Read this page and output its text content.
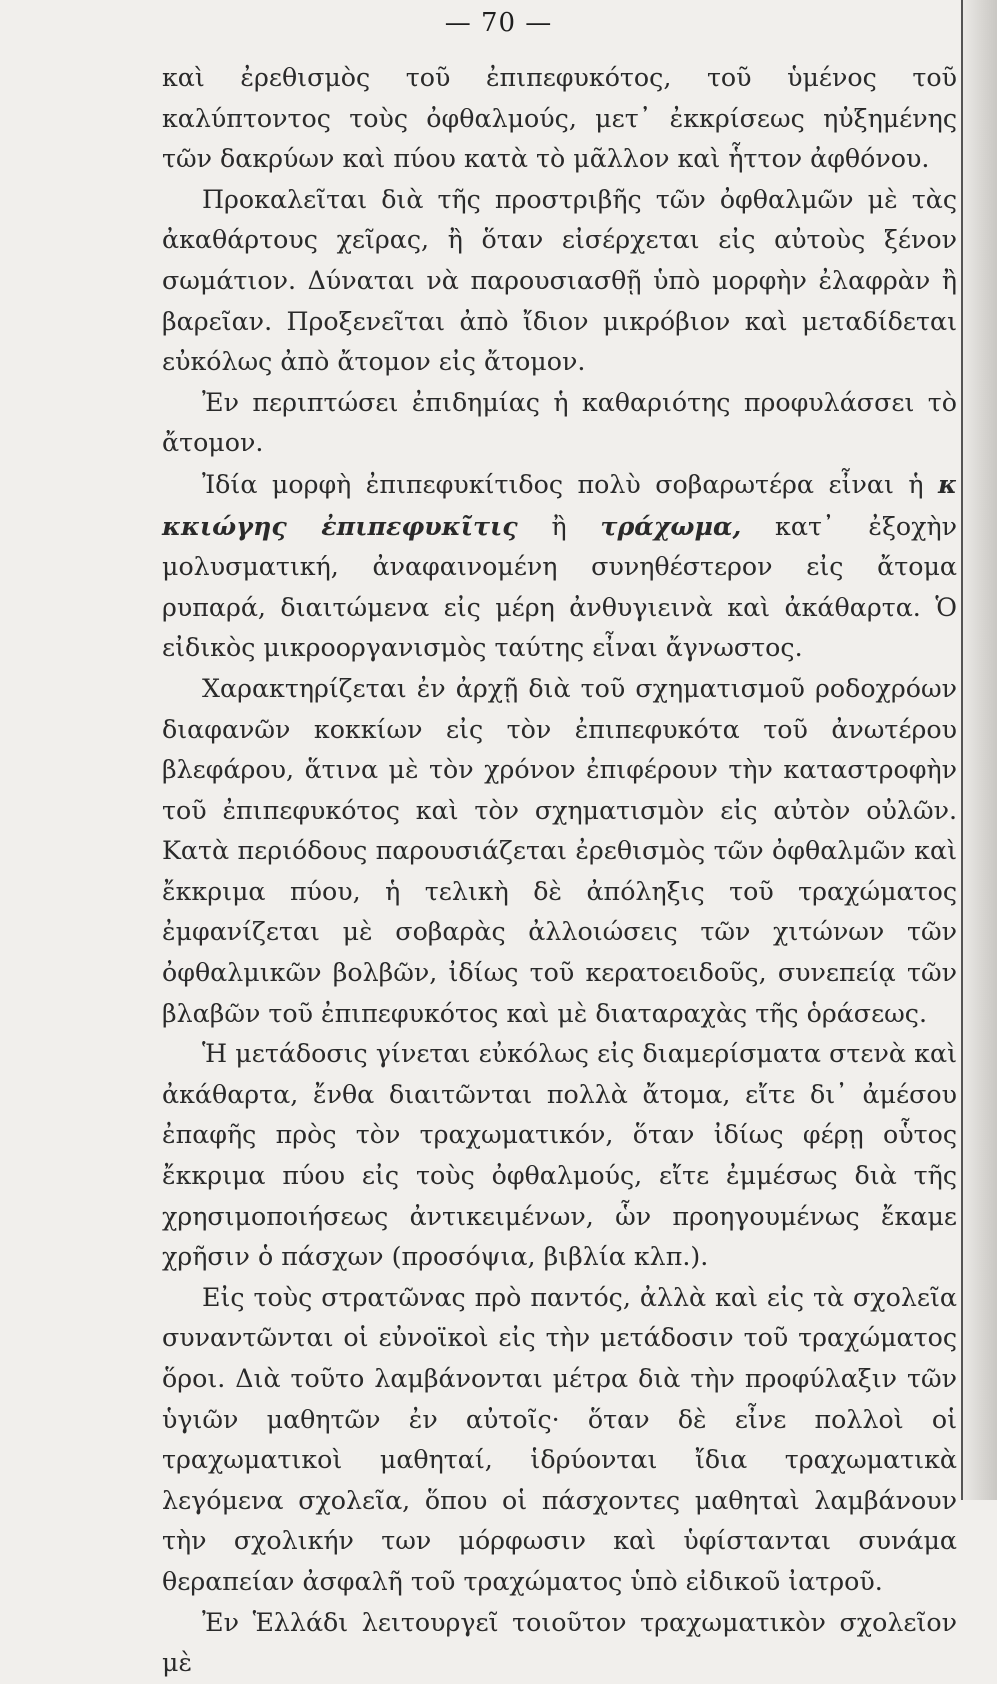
— 70 —

καὶ ἐρεθισμὸς τοῦ ἐπιπεφυκότος, τοῦ ὑμένος τοῦ καλύπτοντος τοὺς ὀφθαλμούς, μετ᾽ ἐκκρίσεως ηὐξημένης τῶν δακρύων καὶ πύου κατὰ τὸ μᾶλλον καὶ ἧττον ἀφθόνου.

Προκαλεῖται διὰ τῆς προστριβῆς τῶν ὀφθαλμῶν μὲ τὰς ἀκαθάρτους χεῖρας, ἢ ὅταν εἰσέρχεται εἰς αὐτοὺς ξένον σωμάτιον. Δύναται νὰ παρουσιασθῇ ὑπὸ μορφὴν ἐλαφρὰν ἢ βαρεῖαν. Προξενεῖται ἀπὸ ἴδιον μικρόβιον καὶ μεταδίδεται εὐκόλως ἀπὸ ἄτομον εἰς ἄτομον.

Ἐν περιπτώσει ἐπιδημίας ἡ καθαριότης προφυλάσσει τὸ ἄτομον.

Ἰδία μορφὴ ἐπιπεφυκίτιδος πολὺ σοβαρωτέρα εἶναι ἡ κ κκιώγης ἐπιπεφυκῖτις ἢ τράχωμα, κατ᾽ ἐξοχὴν μολυσματική, ἀναφαινομένη συνηθέστερον εἰς ἄτομα ρυπαρά, διαιτώμενα εἰς μέρη ἀνθυγιεινὰ καὶ ἀκάθαρτα. Ὁ εἰδικὸς μικροοργανισμὸς ταύτης εἶναι ἄγνωστος.

Χαρακτηρίζεται ἐν ἀρχῇ διὰ τοῦ σχηματισμοῦ ροδοχρόων διαφανῶν κοκκίων εἰς τὸν ἐπιπεφυκότα τοῦ ἀνωτέρου βλεφάρου, ἅτινα μὲ τὸν χρόνον ἐπιφέρουν τὴν καταστροφὴν τοῦ ἐπιπεφυκότος καὶ τὸν σχηματισμὸν εἰς αὐτὸν οὐλῶν. Κατὰ περιόδους παρουσιάζεται ἐρεθισμὸς τῶν ὀφθαλμῶν καὶ ἔκκριμα πύου, ἡ τελικὴ δὲ ἀπόληξις τοῦ τραχώματος ἐμφανίζεται μὲ σοβαρὰς ἀλλοιώσεις τῶν χιτώνων τῶν ὀφθαλμικῶν βολβῶν, ἰδίως τοῦ κερατοειδοῦς, συνεπείᾳ τῶν βλαβῶν τοῦ ἐπιπεφυκότος καὶ μὲ διαταραχὰς τῆς ὁράσεως.

Ἡ μετάδοσις γίνεται εὐκόλως εἰς διαμερίσματα στενὰ καὶ ἀκάθαρτα, ἔνθα διαιτῶνται πολλὰ ἄτομα, εἴτε δι᾽ ἀμέσου ἐπαφῆς πρὸς τὸν τραχωματικόν, ὅταν ἰδίως φέρῃ οὗτος ἔκκριμα πύου εἰς τοὺς ὀφθαλμούς, εἴτε ἐμμέσως διὰ τῆς χρησιμοποιήσεως ἀντικειμένων, ὧν προηγουμένως ἔκαμε χρῆσιν ὁ πάσχων (προσόψια, βιβλία κλπ.).

Εἰς τοὺς στρατῶνας πρὸ παντός, ἀλλὰ καὶ εἰς τὰ σχολεῖα συναντῶνται οἱ εὐνοϊκοὶ εἰς τὴν μετάδοσιν τοῦ τραχώματος ὅροι. Διὰ τοῦτο λαμβάνονται μέτρα διὰ τὴν προφύλαξιν τῶν ὑγιῶν μαθητῶν ἐν αὐτοῖς· ὅταν δὲ εἶνε πολλοὶ οἱ τραχωματικοὶ μαθηταί, ἱδρύονται ἴδια τραχωματικὰ λεγόμενα σχολεῖα, ὅπου οἱ πάσχοντες μαθηταὶ λαμβάνουν τὴν σχολικήν των μόρφωσιν καὶ ὑφίστανται συνάμα θεραπείαν ἀσφαλῆ τοῦ τραχώματος ὑπὸ εἰδικοῦ ἰατροῦ.

Ἐν Ἑλλάδι λειτουργεῖ τοιοῦτον τραχωματικὸν σχολεῖον μὲ
